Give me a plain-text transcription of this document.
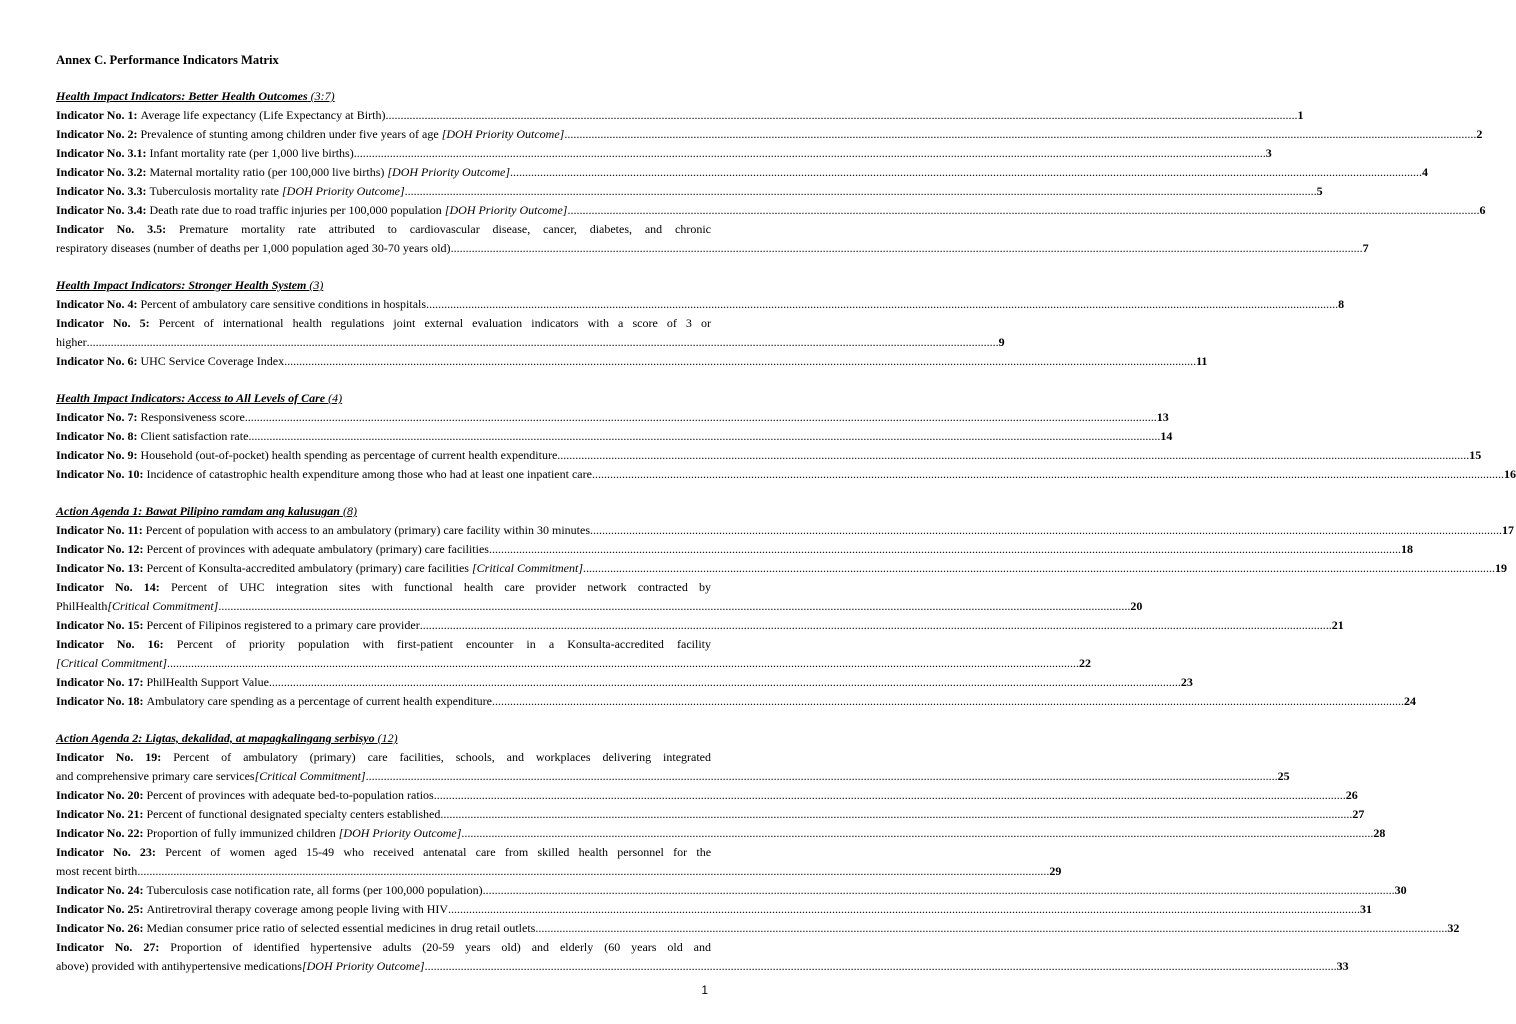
Annex C. Performance Indicators Matrix
Health Impact Indicators: Better Health Outcomes (3:7)
Indicator No. 1:
Average life expectancy (Life Expectancy at Birth) .....	1
Indicator No. 2:
Prevalence of stunting among children under five years of age [DOH Priority Outcome] .....	2
Indicator No. 3.1:
Infant mortality rate (per 1,000 live births) .....	3
Indicator No. 3.2:
Maternal mortality ratio (per 100,000 live births) [DOH Priority Outcome] .....	4
Indicator No. 3.3:
Tuberculosis mortality rate [DOH Priority Outcome] .....	5
Indicator No. 3.4:
Death rate due to road traffic injuries per 100,000 population [DOH Priority Outcome] .....	6
Indicator No. 3.5: Premature mortality rate attributed to cardiovascular disease, cancer, diabetes, and chronic
respiratory diseases (number of deaths per 1,000 population aged 30-70 years old) .....	7
Health Impact Indicators: Stronger Health System (3)
Indicator No. 4:
Percent of ambulatory care sensitive conditions in hospitals .....	8
Indicator No. 5: Percent of international health regulations joint external evaluation indicators with a score of 3 or
higher .....	9
Indicator No. 6:
UHC Service Coverage Index .....	11
Health Impact Indicators: Access to All Levels of Care (4)
Indicator No. 7:
Responsiveness score .....	13
Indicator No. 8:
Client satisfaction rate .....	14
Indicator No. 9:
Household (out-of-pocket) health spending as percentage of current health expenditure .....	15
Indicator No. 10:
Incidence of catastrophic health expenditure among those who had at least one inpatient care .....	16
Action Agenda 1: Bawat Pilipino ramdam ang kalusugan (8)
Indicator No. 11:
Percent of population with access to an ambulatory (primary) care facility within 30 minutes .....	17
Indicator No. 12:
Percent of provinces with adequate ambulatory (primary) care facilities .....	18
Indicator No. 13:
Percent of Konsulta-accredited ambulatory (primary) care facilities [Critical Commitment] .....	19
Indicator No. 14: Percent of UHC integration sites with functional health care provider network contracted by
PhilHealth [Critical Commitment] .....	20
Indicator No. 15:
Percent of Filipinos registered to a primary care provider .....	21
Indicator No. 16: Percent of priority population with first-patient encounter in a Konsulta-accredited facility
[Critical Commitment] .....	22
Indicator No. 17:
PhilHealth Support Value .....	23
Indicator No. 18:
Ambulatory care spending as a percentage of current health expenditure .....	24
Action Agenda 2: Ligtas, dekalidad, at mapagkalingang serbisyo (12)
Indicator No. 19: Percent of ambulatory (primary) care facilities, schools, and workplaces delivering integrated
and comprehensive primary care services [Critical Commitment] .....	25
Indicator No. 20:
Percent of provinces with adequate bed-to-population ratios .....	26
Indicator No. 21:
Percent of functional designated specialty centers established .....	27
Indicator No. 22:
Proportion of fully immunized children [DOH Priority Outcome] .....	28
Indicator No. 23: Percent of women aged 15-49 who received antenatal care from skilled health personnel for the
most recent birth .....	29
Indicator No. 24:
Tuberculosis case notification rate, all forms (per 100,000 population) .....	30
Indicator No. 25:
Antiretroviral therapy coverage among people living with HIV .....	31
Indicator No. 26:
Median consumer price ratio of selected essential medicines in drug retail outlets .....	32
Indicator No. 27: Proportion of identified hypertensive adults (20-59 years old) and elderly (60 years old and
above) provided with antihypertensive medications [DOH Priority Outcome] .....	33
1
